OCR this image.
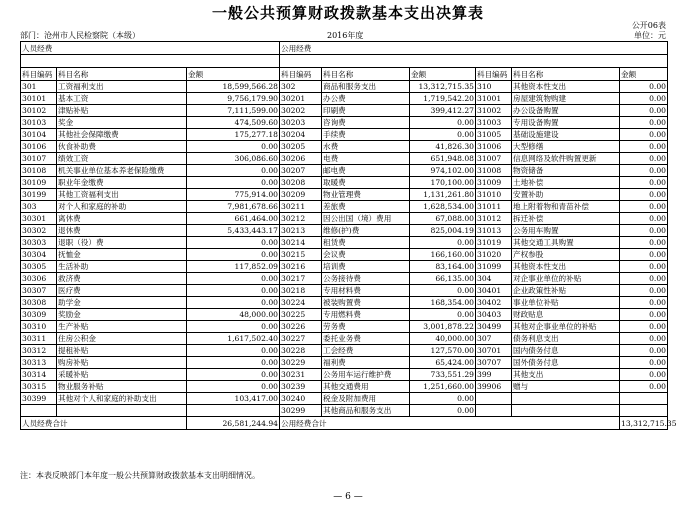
一般公共预算财政拨款基本支出决算表
公开06表
部门：沧州市人民检察院（本级）	2016年度	单位：元
人员经费			公用经费					

科目编码	科目名称	金额	科目编码	科目名称	金额	科目编码	科目名称	金额
301	工资福利支出	18,599,566.28	302	商品和服务支出	13,312,715.35	310	其他资本性支出	0.00
30101	基本工资	9,756,179.90	30201	办公费	1,719,542.20	31001	房屋建筑物购建	0.00
30102	津贴补贴	7,111,599.00	30202	印刷费	399,412.27	31002	办公设备购置	0.00
30103	奖金	474,509.60	30203	咨询费	0.00	31003	专用设备购置	0.00
30104	其他社会保障缴费	175,277.18	30204	手续费	0.00	31005	基础设施建设	0.00
30106	伙食补助费	0.00	30205	水费	41,826.30	31006	大型修缮	0.00
30107	绩效工资	306,086.60	30206	电费	651,948.08	31007	信息网络及软件购置更新	0.00
30108	机关事业单位基本养老保险缴费	0.00	30207	邮电费	974,102.00	31008	物资储备	0.00
30109	职业年金缴费	0.00	30208	取暖费	170,100.00	31009	土地补偿	0.00
30199	其他工资福利支出	775,914.00	30209	物业管理费	1,131,261.80	31010	安置补助	0.00
303	对个人和家庭的补助	7,981,678.66	30211	差旅费	1,628,534.00	31011	地上附着物和青苗补偿	0.00
30301	离休费	661,464.00	30212	因公出国（境）费用	67,088.00	31012	拆迁补偿	0.00
30302	退休费	5,433,443.17	30213	维修(护)费	825,004.19	31013	公务用车购置	0.00
30303	退职（役）费	0.00	30214	租赁费	0.00	31019	其他交通工具购置	0.00
30304	抚恤金	0.00	30215	会议费	166,160.00	31020	产权参股	0.00
30305	生活补助	117,852.09	30216	培训费	83,164.00	31099	其他资本性支出	0.00
30306	救济费	0.00	30217	公务接待费	66,135.00	304	对企事业单位的补贴	0.00
30307	医疗费	0.00	30218	专用材料费	0.00	30401	企业政策性补贴	0.00
30308	助学金	0.00	30224	被装购置费	168,354.00	30402	事业单位补贴	0.00
30309	奖励金	48,000.00	30225	专用燃料费	0.00	30403	财政贴息	0.00
30310	生产补贴	0.00	30226	劳务费	3,001,878.22	30499	其他对企事业单位的补贴	0.00
30311	住房公积金	1,617,502.40	30227	委托业务费	40,000.00	307	债务利息支出	0.00
30312	提租补贴	0.00	30228	工会经费	127,570.00	30701	国内债务付息	0.00
30313	购房补贴	0.00	30229	福利费	65,424.00	30707	国外债务付息	0.00
30314	采暖补贴	0.00	30231	公务用车运行维护费	733,551.29	399	其他支出	0.00
30315	物业服务补贴	0.00	30239	其他交通费用	1,251,660.00	39906	赠与	0.00
30399	其他对个人和家庭的补助支出	103,417.00	30240	税金及附加费用	0.00			
			30299	其他商品和服务支出	0.00			
人员经费合计		26,581,244.94	公用经费合计					13,312,715.35
注：本表反映部门本年度一般公共预算财政拨款基本支出明细情况。
— 6 —
